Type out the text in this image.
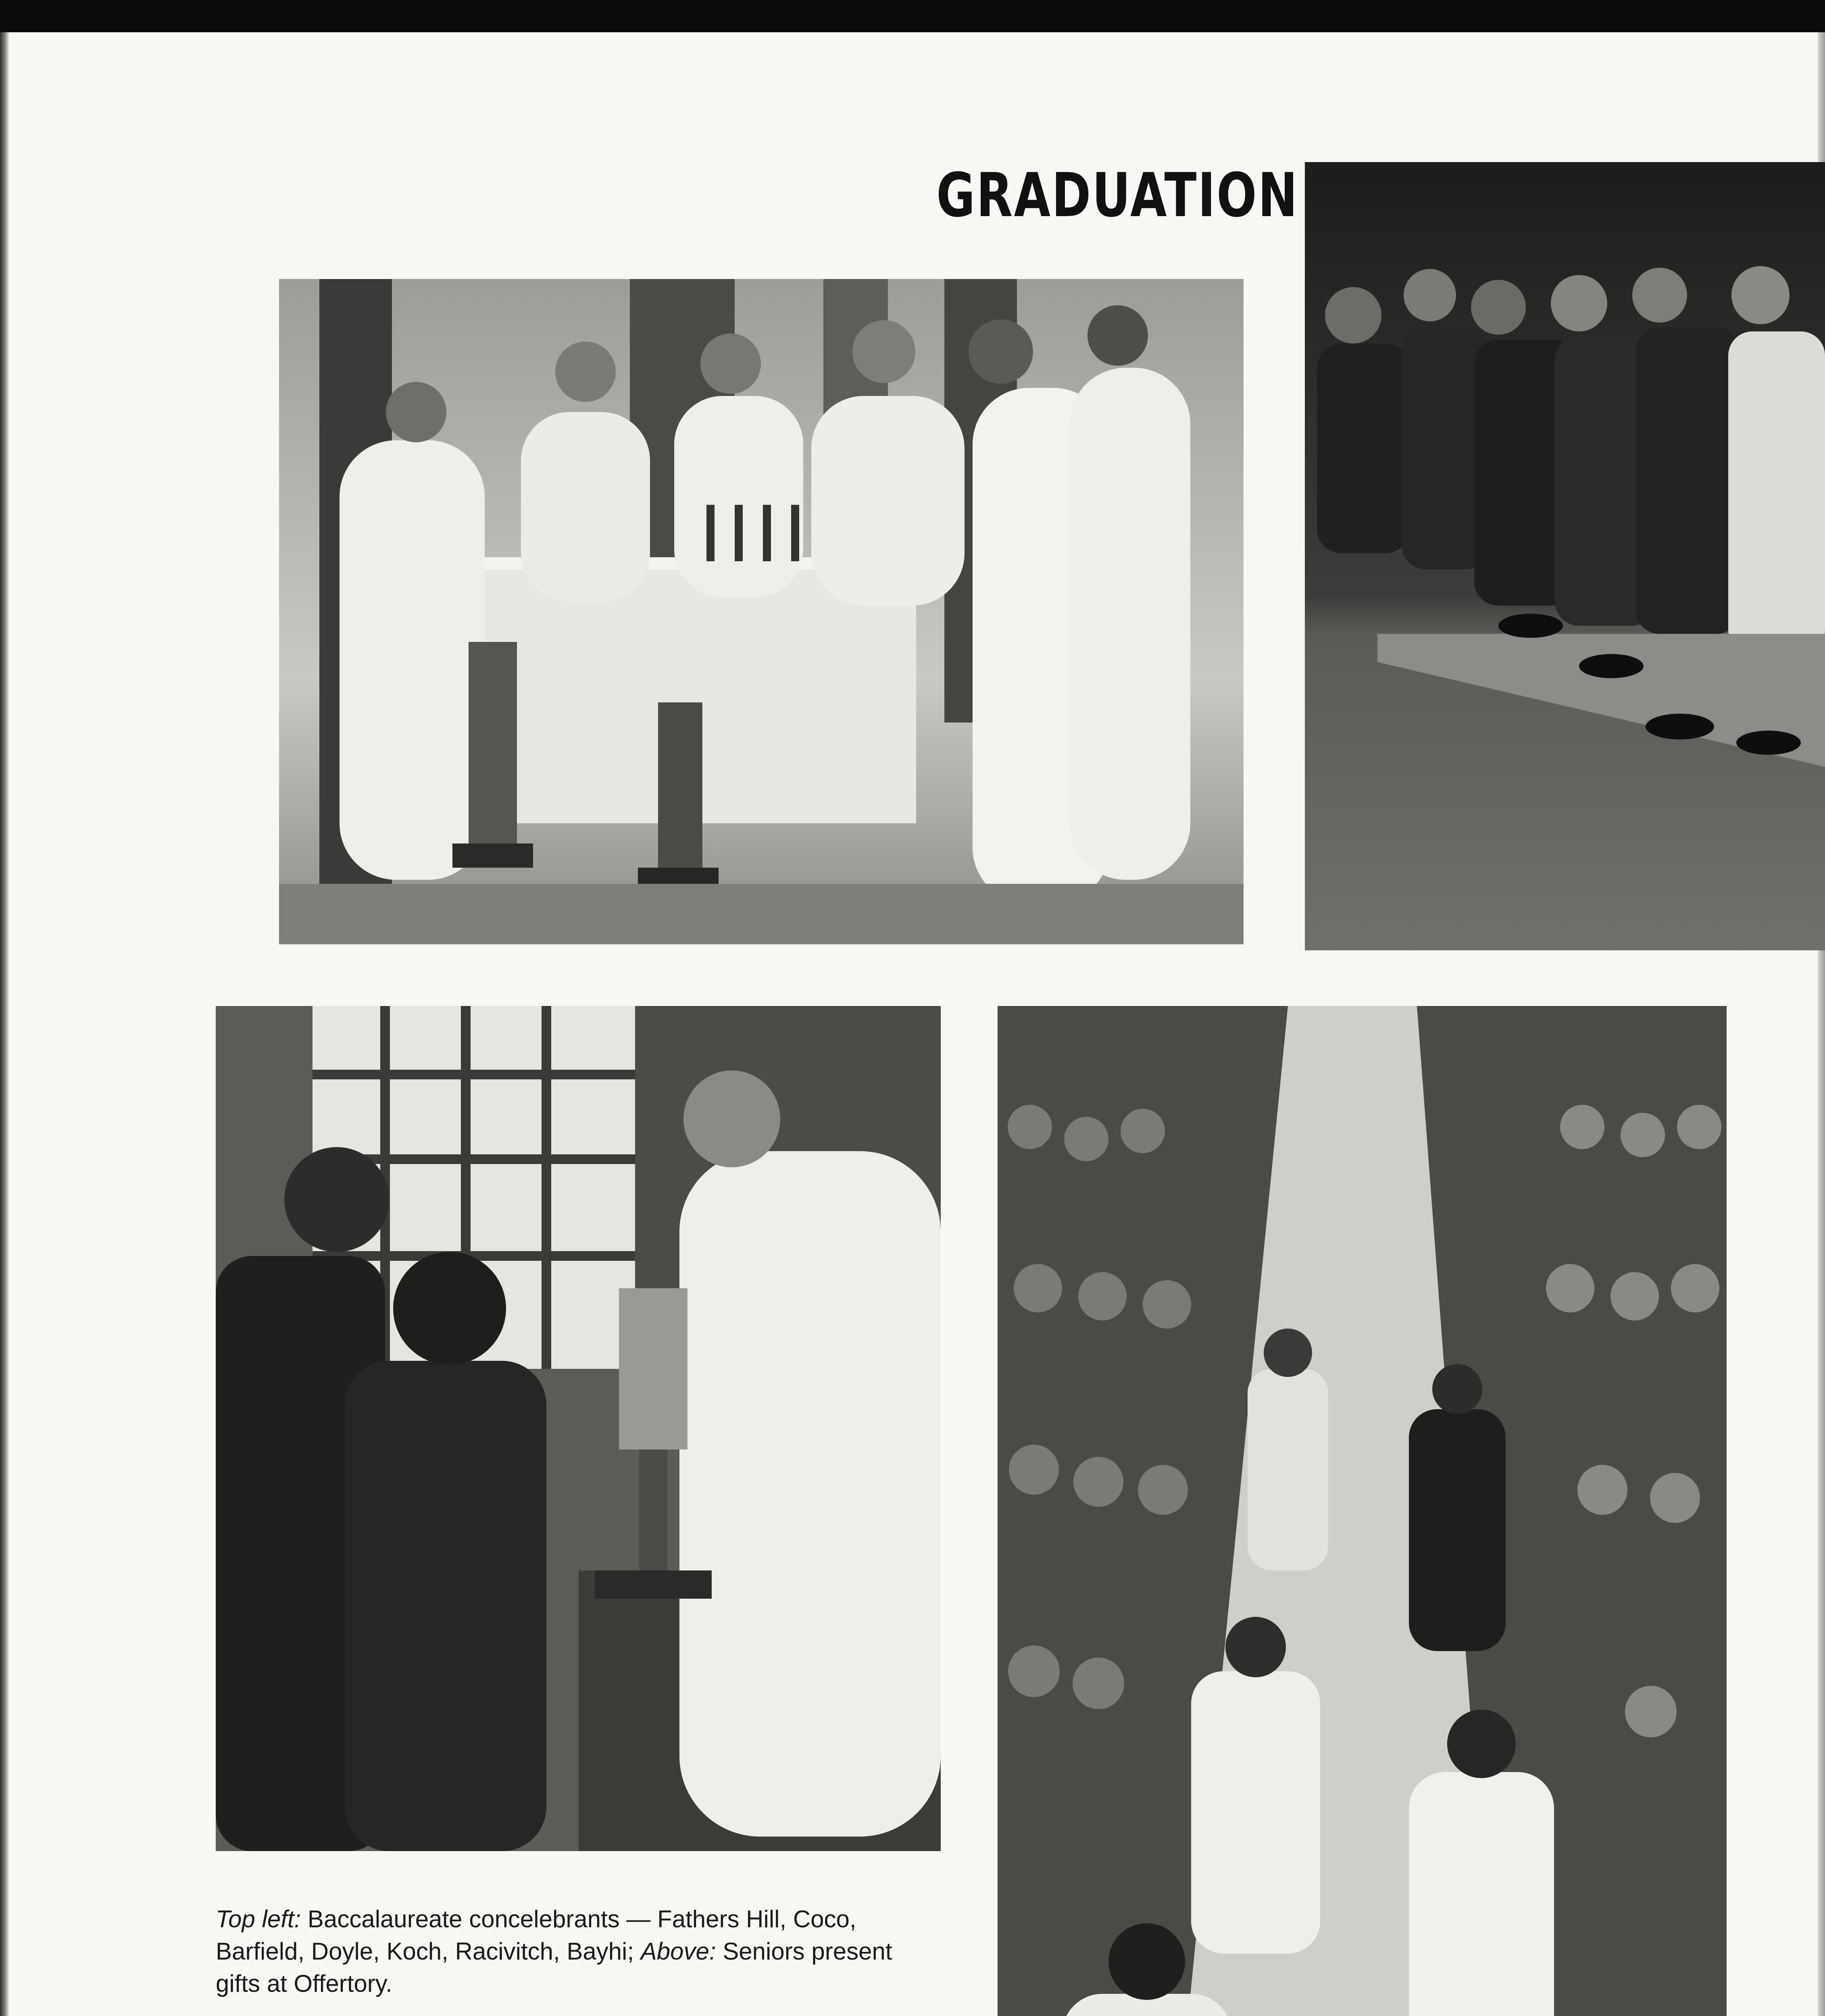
GRADUATION

Top left: Baccalaureate concelebrants — Fathers Hill, Coco, Barfield, Doyle, Koch, Racivitch, Bayhi; Above: Seniors present gifts at Offertory.
